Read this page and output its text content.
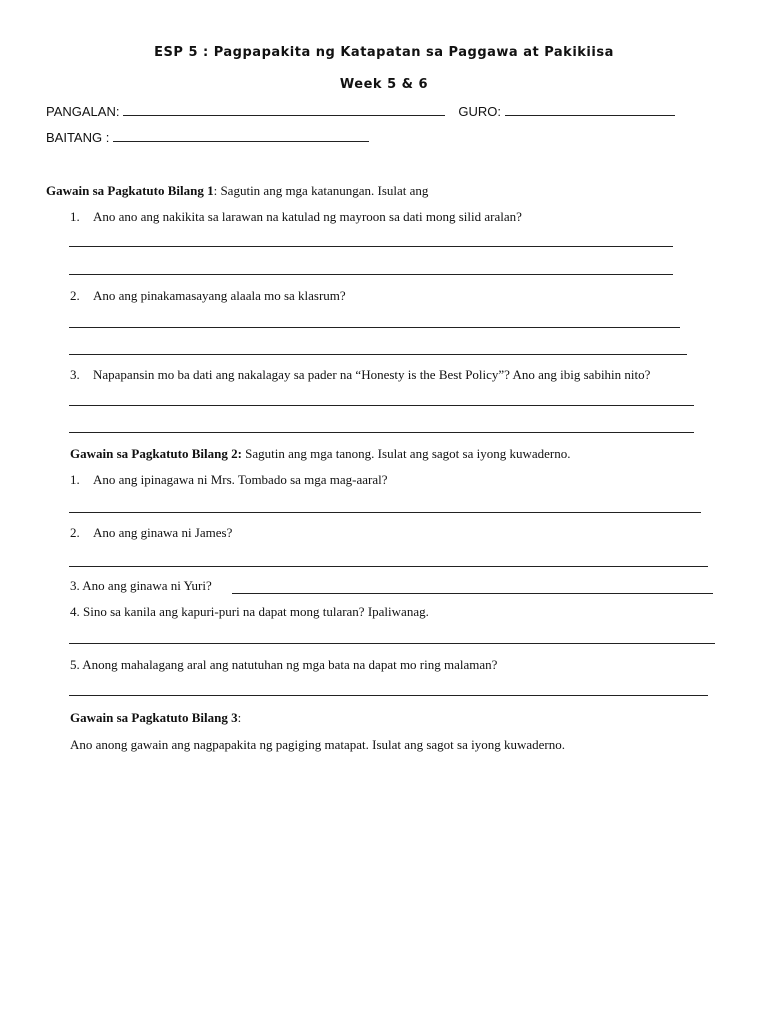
ESP 5 : Pagpapakita ng Katapatan sa Paggawa at Pakikiisa
Week 5 & 6
PANGALAN:	GURO:
BAITANG :
Gawain sa Pagkatuto Bilang 1: Sagutin ang mga katanungan. Isulat ang
1. Ano ano ang nakikita sa larawan na katulad ng mayroon sa dati mong silid aralan?
2. Ano ang pinakamasayang alaala mo sa klasrum?
3. Napapansin mo ba dati ang nakalagay sa pader na “Honesty is the Best Policy”? Ano ang ibig sabihin nito?
Gawain sa Pagkatuto Bilang 2: Sagutin ang mga tanong. Isulat ang sagot sa iyong kuwaderno.
1. Ano ang ipinagawa ni Mrs. Tombado sa mga mag-aaral?
2. Ano ang ginawa ni James?
3. Ano ang ginawa ni Yuri?
4. Sino sa kanila ang kapuri-puri na dapat mong tularan? Ipaliwanag.
5. Anong mahalagang aral ang natutuhan ng mga bata na dapat mo ring malaman?
Gawain sa Pagkatuto Bilang 3:
Ano anong gawain ang nagpapakita ng pagiging matapat. Isulat ang sagot sa iyong kuwaderno.
